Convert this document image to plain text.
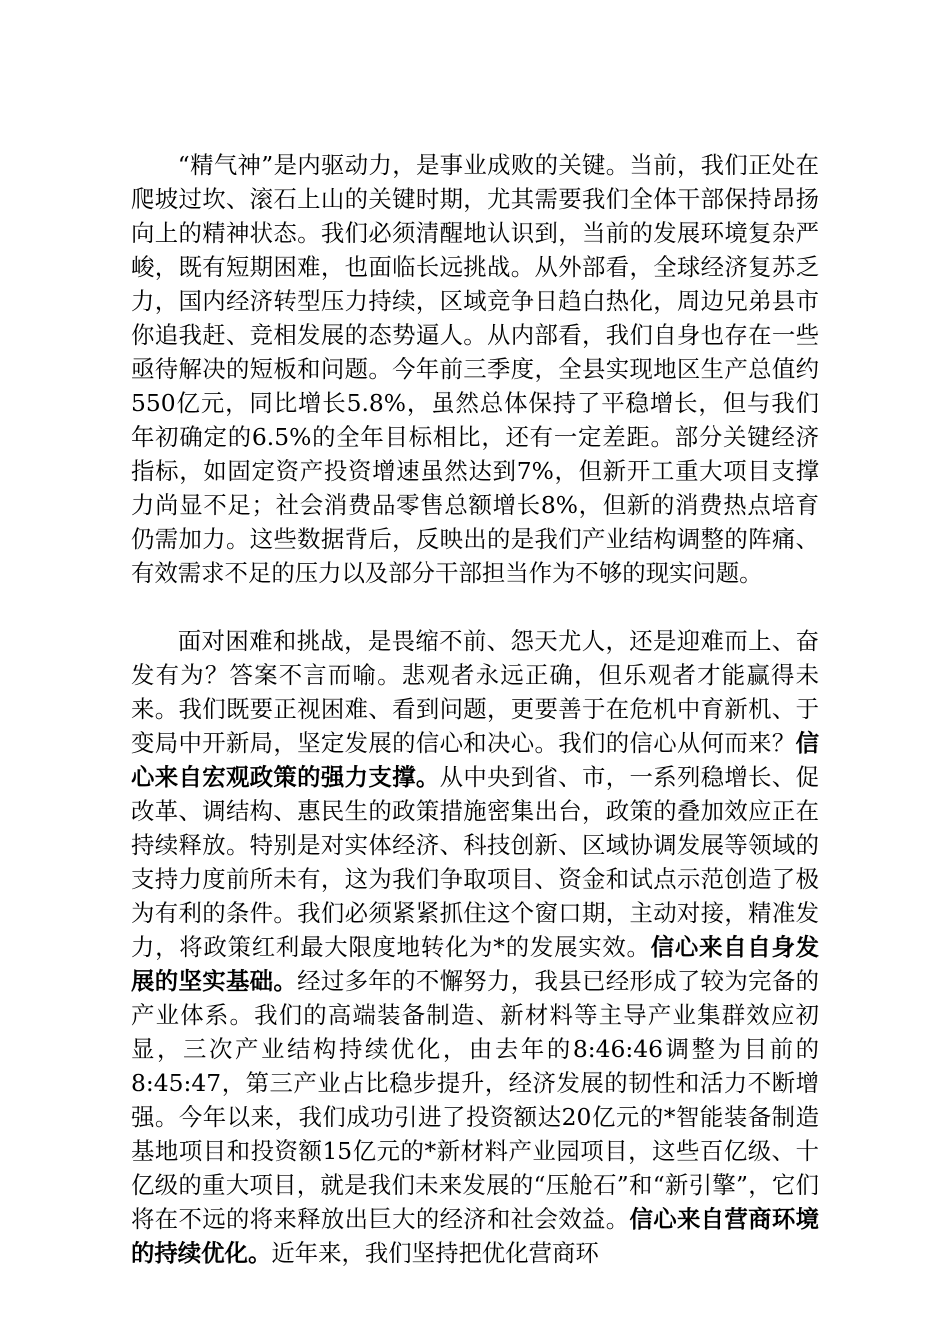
“精气神”是内驱动力，是事业成败的关键。当前，我们正处在爬坡过坎、滚石上山的关键时期，尤其需要我们全体干部保持昂扬向上的精神状态。我们必须清醒地认识到，当前的发展环境复杂严峻，既有短期困难，也面临长远挑战。从外部看，全球经济复苏乏力，国内经济转型压力持续，区域竞争日趋白热化，周边兄弟县市你追我赶、竞相发展的态势逼人。从内部看，我们自身也存在一些亟待解决的短板和问题。今年前三季度，全县实现地区生产总值约550亿元，同比增长5.8%，虽然总体保持了平稳增长，但与我们年初确定的6.5%的全年目标相比，还有一定差距。部分关键经济指标，如固定资产投资增速虽然达到7%，但新开工重大项目支撑力尚显不足；社会消费品零售总额增长8%，但新的消费热点培育仍需加力。这些数据背后，反映出的是我们产业结构调整的阵痛、有效需求不足的压力以及部分干部担当作为不够的现实问题。

面对困难和挑战，是畏缩不前、怨天尤人，还是迎难而上、奋发有为？答案不言而喻。悲观者永远正确，但乐观者才能赢得未来。我们既要正视困难、看到问题，更要善于在危机中育新机、于变局中开新局，坚定发展的信心和决心。我们的信心从何而来？信心来自宏观政策的强力支撑。从中央到省、市，一系列稳增长、促改革、调结构、惠民生的政策措施密集出台，政策的叠加效应正在持续释放。特别是对实体经济、科技创新、区域协调发展等领域的支持力度前所未有，这为我们争取项目、资金和试点示范创造了极为有利的条件。我们必须紧紧抓住这个窗口期，主动对接，精准发力，将政策红利最大限度地转化为*的发展实效。信心来自自身发展的坚实基础。经过多年的不懈努力，我县已经形成了较为完备的产业体系。我们的高端装备制造、新材料等主导产业集群效应初显，三次产业结构持续优化，由去年的8:46:46调整为目前的8:45:47，第三产业占比稳步提升，经济发展的韧性和活力不断增强。今年以来，我们成功引进了投资额达20亿元的*智能装备制造基地项目和投资额15亿元的*新材料产业园项目，这些百亿级、十亿级的重大项目，就是我们未来发展的“压舱石”和“新引擎”，它们将在不远的将来释放出巨大的经济和社会效益。信心来自营商环境的持续优化。近年来，我们坚持把优化营商环
